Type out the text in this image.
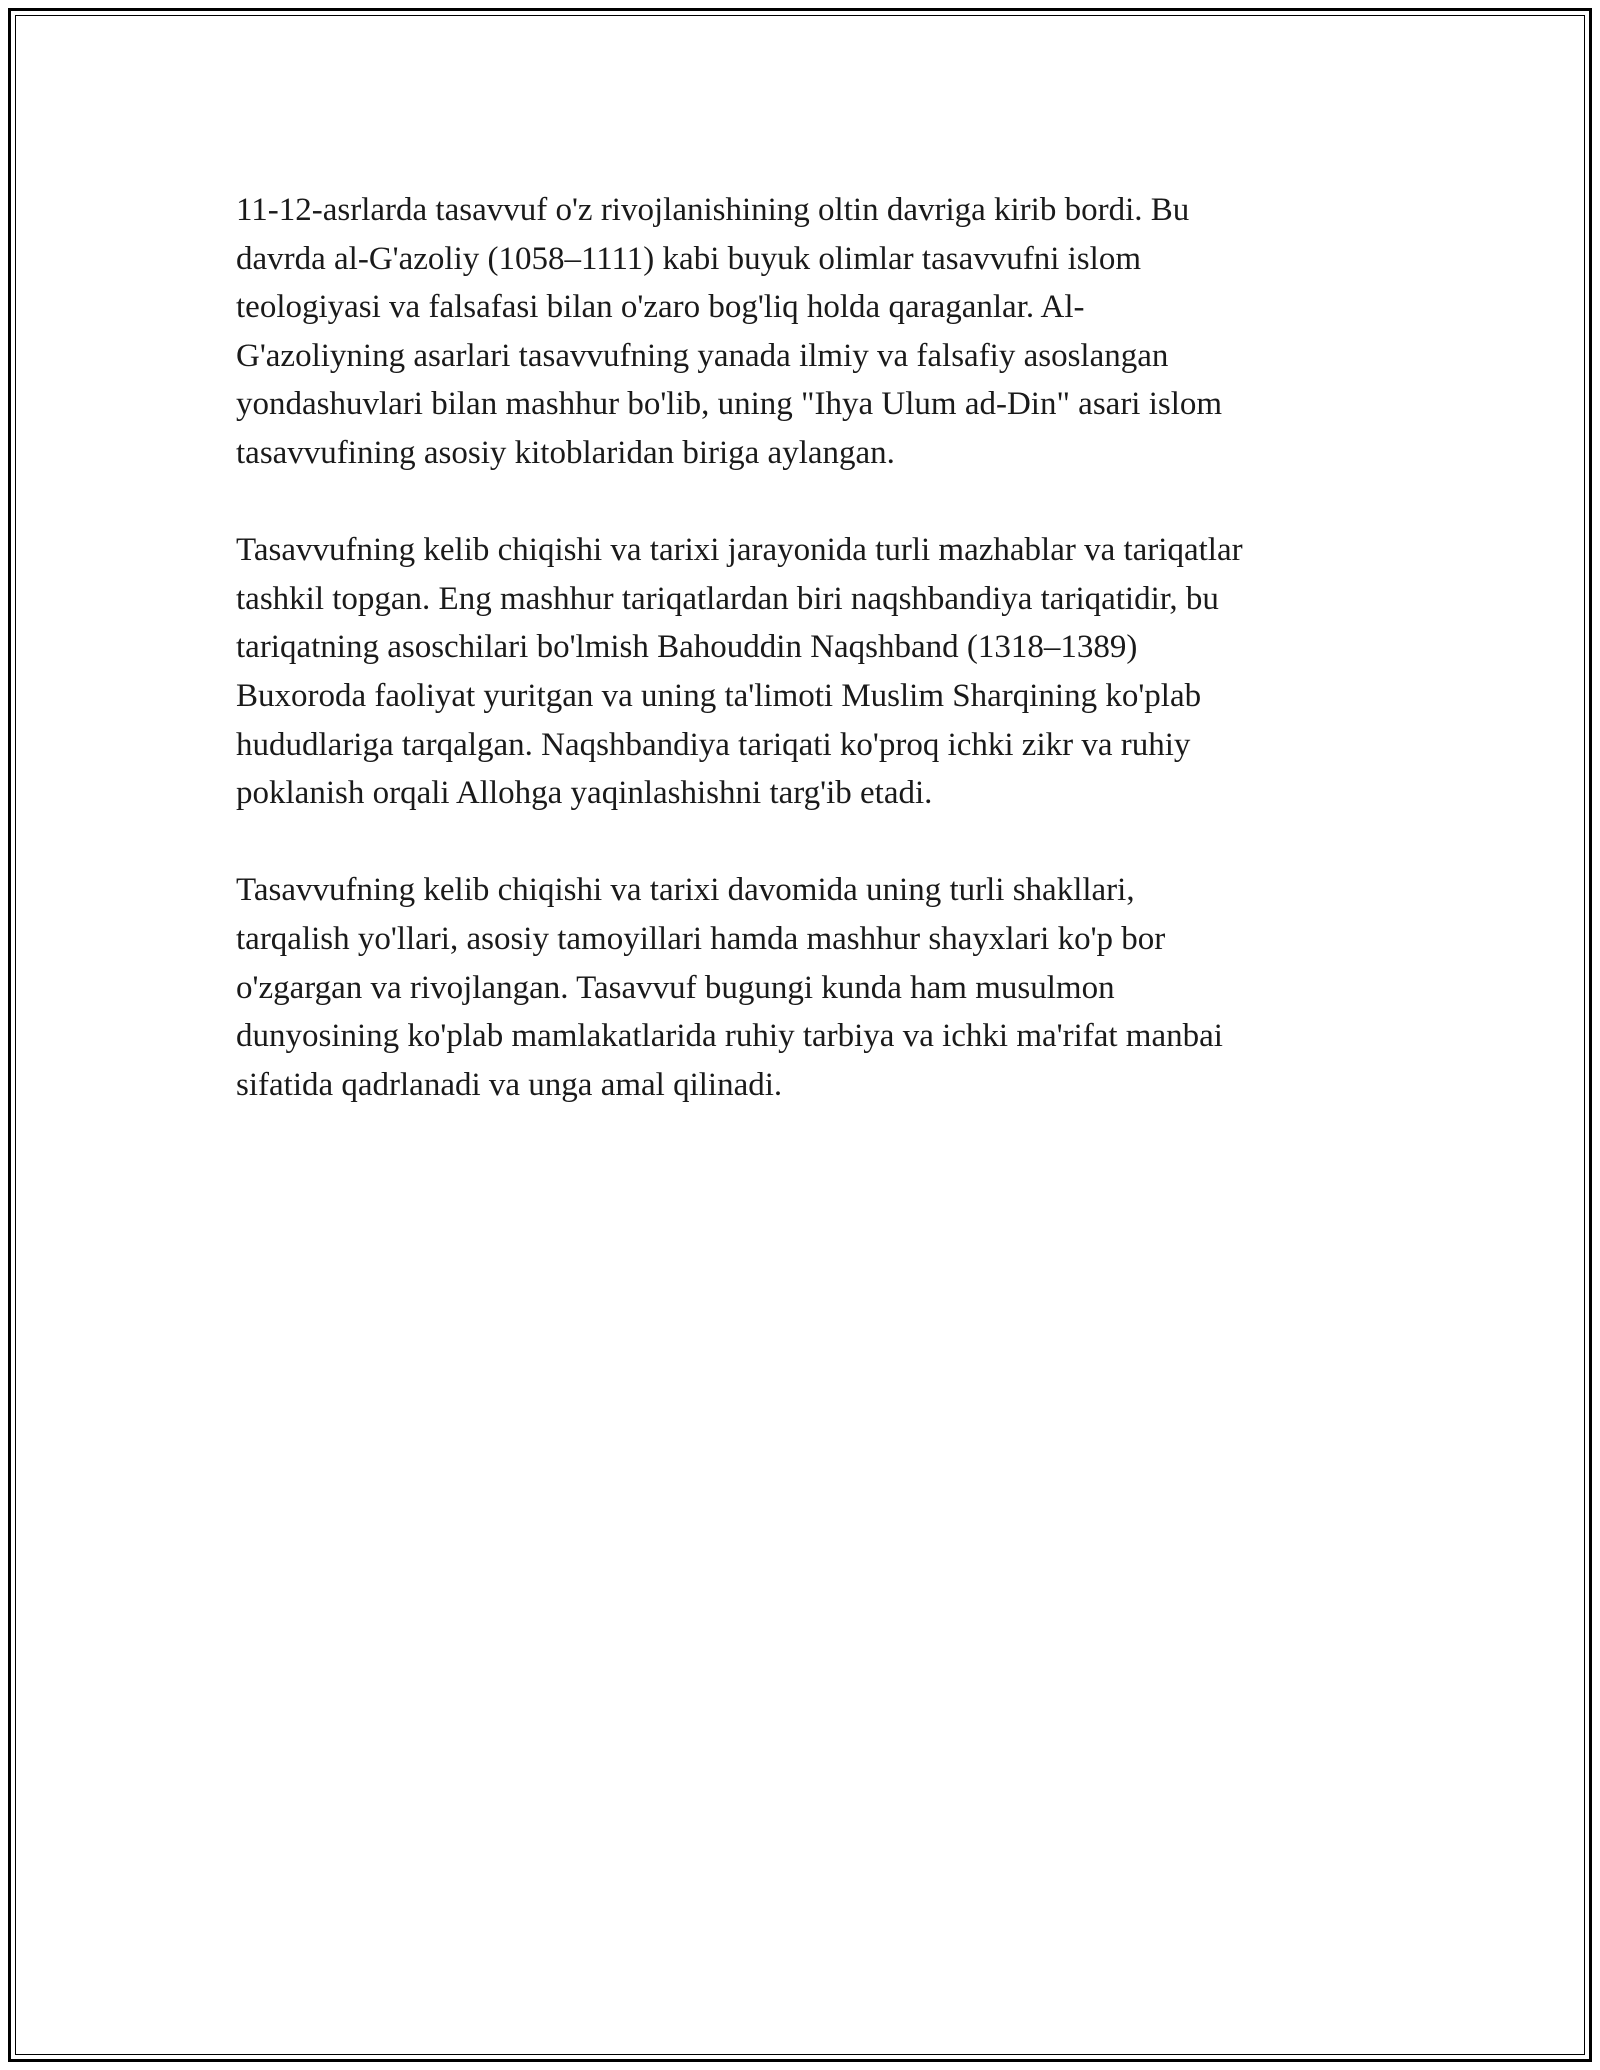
11-12-asrlarda tasavvuf o'z rivojlanishining oltin davriga kirib bordi. Bu
davrda al-G'azoliy (1058–1111) kabi buyuk olimlar tasavvufni islom
teologiyasi va falsafasi bilan o'zaro bog'liq holda qaraganlar. Al-
G'azoliyning asarlari tasavvufning yanada ilmiy va falsafiy asoslangan
yondashuvlari bilan mashhur bo'lib, uning "Ihya Ulum ad-Din" asari islom
tasavvufining asosiy kitoblaridan biriga aylangan.

Tasavvufning kelib chiqishi va tarixi jarayonida turli mazhablar va tariqatlar
tashkil topgan. Eng mashhur tariqatlardan biri naqshbandiya tariqatidir, bu
tariqatning asoschilari bo'lmish Bahouddin Naqshband (1318–1389)
Buxoroda faoliyat yuritgan va uning ta'limoti Muslim Sharqining ko'plab
hududlariga tarqalgan. Naqshbandiya tariqati ko'proq ichki zikr va ruhiy
poklanish orqali Allohga yaqinlashishni targ'ib etadi.

Tasavvufning kelib chiqishi va tarixi davomida uning turli shakllari,
tarqalish yo'llari, asosiy tamoyillari hamda mashhur shayxlari ko'p bor
o'zgargan va rivojlangan. Tasavvuf bugungi kunda ham musulmon
dunyosining ko'plab mamlakatlarida ruhiy tarbiya va ichki ma'rifat manbai
sifatida qadrlanadi va unga amal qilinadi.
